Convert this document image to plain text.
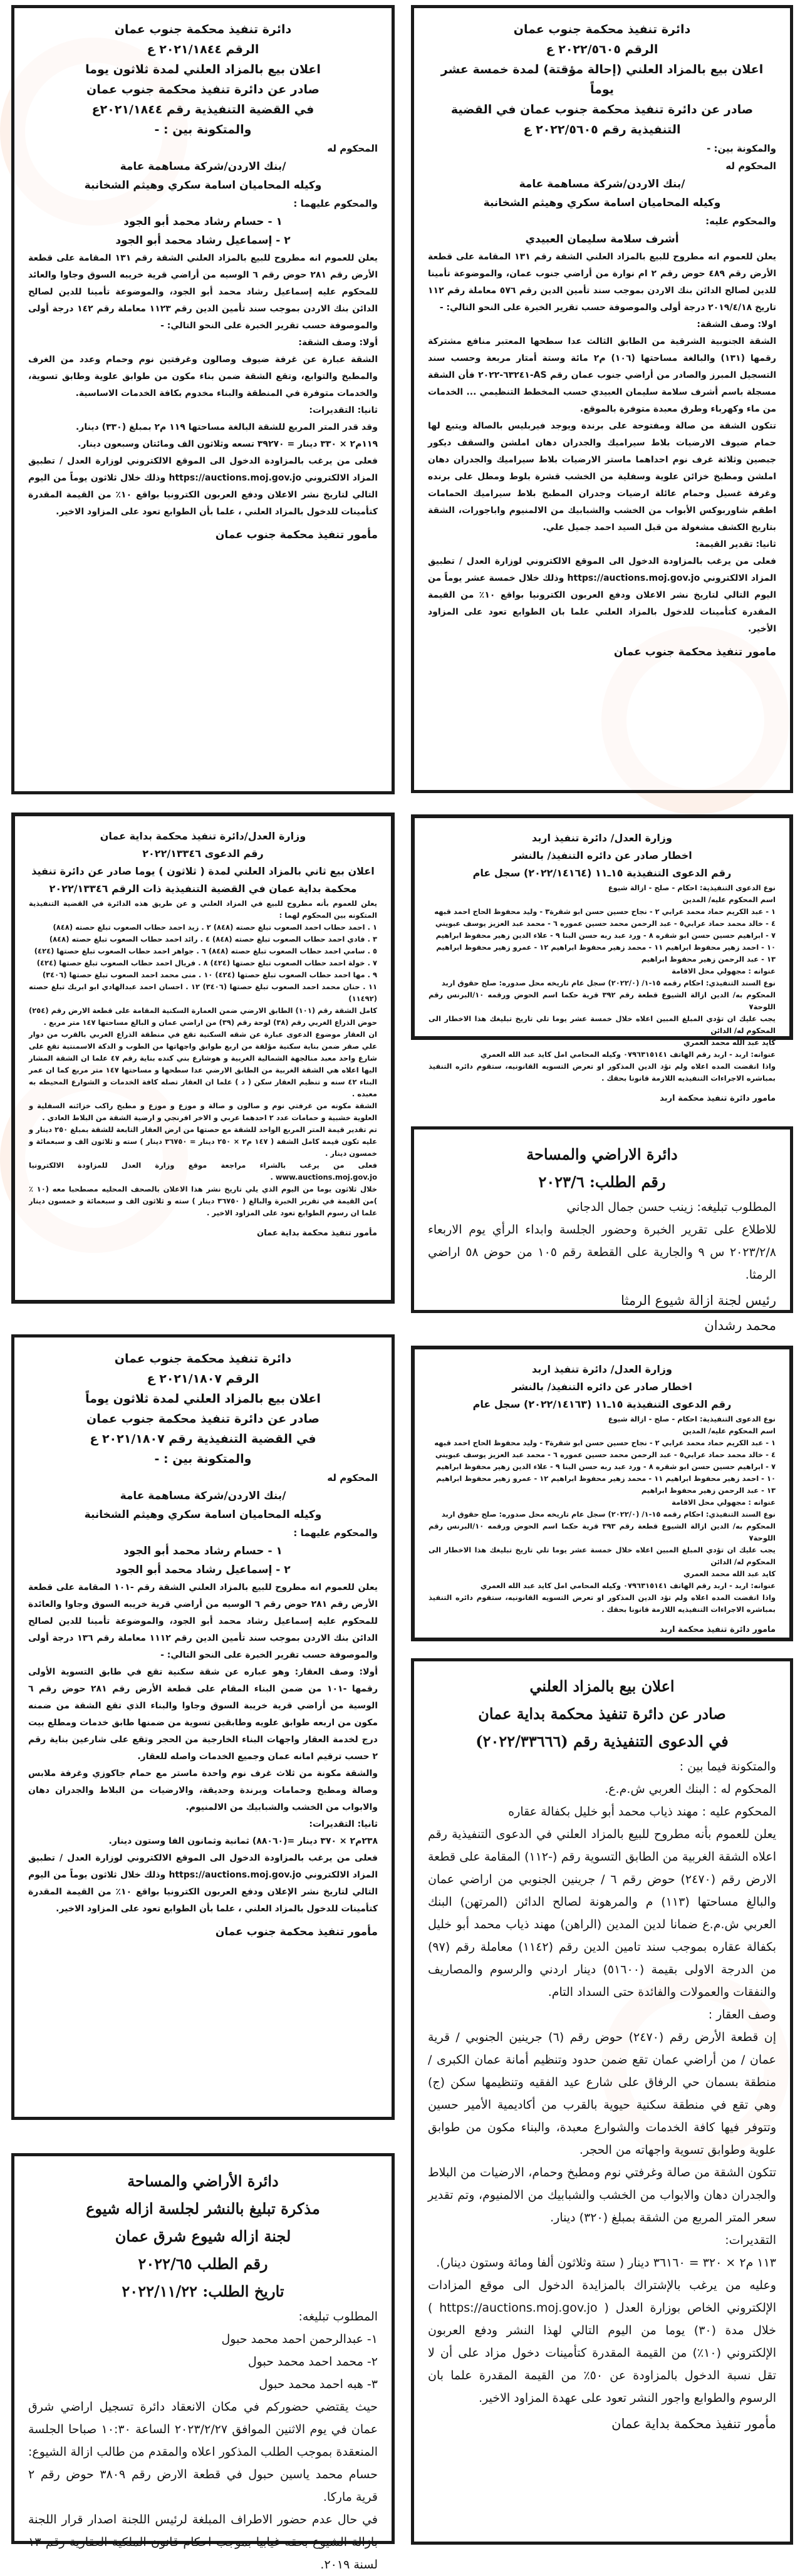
دائرة تنفيذ محكمة جنوب عمان
الرقم ٢٠٢٢/٥٦٠٥ ع
اعلان بيع بالمزاد العلني (إحالة مؤقتة) لمدة خمسة عشر يوماً
صادر عن دائرة تنفيذ محكمة جنوب عمان في القضية التنفيذية رقم ٢٠٢٢/٥٦٠٥ ع
والمكونة بين: -
المحكوم له
/بنك الاردن/شركة مساهمة عامة
وكيله المحاميان اسامة سكري وهيثم الشخانبة
والمحكوم عليه:
أشرف سلامة سليمان العبيدي
يعلن للعموم انه مطروح للبيع بالمزاد العلني الشقة رقم ١٣١ المقامة على قطعة الأرض رقم ٤٨٩ حوض رقم ٢ ام نوارة من أراضي جنوب عمان، والموضوعة تأمينا للدين لصالح الدائن بنك الاردن بموجب سند تأمين الدين رقم ٥٧٦ معاملة رقم ١١٢ تاريخ ٢٠١٩/٤/١٨ درجة أولى والموصوفة حسب تقرير الخبرة على النحو التالي: -
اولا: وصف الشقة:
الشقة الجنوبية الشرقية من الطابق الثالث عدا سطحها المعتبر منافع مشتركة رقمها (١٣١) والبالغة مساحتها (١٠٦) م٢ مائة وستة أمتار مربعة وحسب سند التسجيل المبرز والصادر من أراضي جنوب عمان رقم AS-٦٣٢٤١-٢٠٢٢ فأن الشقة مسجلة باسم أشرف سلامة سليمان العبيدي حسب المخطط التنظيمي ... الخدمات من ماء وكهرباء وطرق معبدة متوفرة بالموقع.
تتكون الشقة من صالة ومفتوحة على برندة ويوجد فيربليس بالصالة ويتبع لها حمام ضيوف الارضيات بلاط سيراميك والجدران دهان املشن والسقف ديكور جبصين وثلاثة غرف نوم احداهما ماستر الارضيات بلاط سيراميك والجدران دهان املشن ومطبخ خزائن علوية وسفلية من الخشب قشرة بلوط ومطل على برنده وغرفة غسيل وحمام عائلة ارضيات وجدران المطبخ بلاط سيراميك الحمامات اطقم شاوربوكس الأبواب من الخشب والشبابيك من الالمنيوم واباجورات، الشقة بتاريخ الكشف مشغولة من قبل السيد احمد جميل علي.
ثانيا: تقدير القيمة:
فعلى من يرغب بالمزاودة الدخول الى الموقع الالكتروني لوزارة العدل / تطبيق المزاد الالكتروني https://auctions.moj.gov.jo وذلك خلال خمسة عشر يوماً من اليوم التالي لتاريخ نشر الاعلان ودفع العربون الكترونيا بواقع ١٠٪ من القيمة المقدرة كتأمينات للدخول بالمزاد العلني علما بان الطوابع تعود على المزاود الأخير.
مامور تنفيذ محكمة جنوب عمان
دائرة تنفيذ محكمة جنوب عمان
الرقم ٢٠٢١/١٨٤٤ ع
اعلان بيع بالمزاد العلني لمدة ثلاثون يوما
صادر عن دائرة تنفيذ محكمة جنوب عمان
في القضية التنفيذية رقم ٢٠٢١/١٨٤٤ع
والمتكونة بين : -
المحكوم له
/بنك الاردن/شركة مساهمة عامة
وكيله المحاميان اسامة سكري وهيثم الشخانبة
والمحكوم عليهما :
١ - حسام رشاد محمد أبو الجود
٢ - إسماعيل رشاد محمد أبو الجود
يعلن للعموم انه مطروح للبيع بالمزاد العلني الشقة رقم ١٣١ المقامة على قطعة الأرض رقم ٢٨١ حوض رقم ٦ الوسيه من أراضي قرية خريبه السوق وجاوا والعائد للمحكوم عليه إسماعيل رشاد محمد أبو الجود، والموضوعة تأمينا للدين لصالح الدائن بنك الاردن بموجب سند تأمين الدين رقم ١١٢٣ معاملة رقم ١٤٢ درجة أولى والموصوفة حسب تقرير الخبرة على النحو التالي: -
أولا: وصف الشقة:
الشقة عبارة عن غرفة ضيوف وصالون وغرفتين نوم وحمام وعدد من الغرف والمطبخ والتوابع، وتقع الشقة ضمن بناء مكون من طوابق علوية وطابق تسوية، والخدمات متوفرة في المنطقة والبناء مخدوم بكافة الخدمات الاساسية.
ثانيا: التقديرات:
وقد قدر المتر المربع للشقة البالغة مساحتها ١١٩ م٢ بمبلغ (٣٣٠) دينار.
١١٩م٢ × ٣٣٠ دينار = ٣٩٢٧٠ تسعه وثلاثون الف ومائتان وسبعون دينار.
فعلى من يرغب بالمزاودة الدخول الى الموقع الالكتروني لوزارة العدل / تطبيق المزاد الالكتروني https://auctions.moj.gov.jo وذلك خلال ثلاثون يوماً من اليوم التالي لتاريخ نشر الاعلان ودفع العربون الكترونيا بواقع ١٠٪ من القيمة المقدرة كتأمينات للدخول بالمزاد العلني ، علما بأن الطوابع تعود على المزاود الاخير.
مأمور تنفيذ محكمة جنوب عمان
وزارة العدل/ دائرة تنفيذ اربد
اخطار صادر عن دائره التنفيذ/ بالنشر
رقم الدعوى التنفيذية ١٥ـ١١ (٢٠٢٢/١٤١٦٤) سجل عام
نوع الدعوى التنفيذية: احكام - صلح - ازالة شيوع
اسم المحكوم عليه/ المدين
١ - عبد الكريم حماد محمد عرابي ٢ - نجاح حسين حسن ابو شقرة٣ - وليد محفوظ الحاج احمد قبهه
٤ - خالد محمد حماد عرابي٥ - عبد الرحمن محمد حسين عموره ٦ - محمد عبد العزيز يوسف عبويني
٧ - ابراهيم حسين حسن ابو شقره ٨ - ورد عبد ربه حسن البنا ٩ - علاء الدين زهير محفوظ ابراهيم
١٠ - احمد زهير محفوظ ابراهيم ١١ - محمد زهير محفوظ ابراهيم ١٢ - عمرو زهير محفوظ ابراهيم
١٣ - عبد الرحمن زهير محفوظ ابراهيم
عنوانه : مجهولي محل الاقامة
نوع السند التنفيذي: احكام رقمه ١٥-١/ (٢٠٢٢/٠) سجل عام تاريخه محل صدوره: صلح حقوق اربد
المحكوم به/ الدين ازالة الشيوع قطعة رقم ٣٩٢ قرية حكما اسم الحوض ورقمه ١٠/البرنس رقم اللوحة٧
يجب عليك ان تؤدي المبلغ المبين اعلاه خلال خمسة عشر يوما تلي تاريخ تبليغك هذا الاخطار الى المحكوم له/ الدائن
كايد عبد الله محمد العمري
عنوانه: اربد - اربد رقم الهاتف ٠٧٩٦٣١٥١٤١ وكيله المحامي امل كايد عبد الله العمري
واذا انقضت المده اعلاه ولم تؤد الدين المذكور او تعرض التسويه القانونيه، ستقوم دائره التنفيذ بمباشره الاجراءات التنفيذيه اللازمة قانونا بحقك .
مامور دائرة تنفيذ محكمة اربد
دائرة الاراضي والمساحة
رقم الطلب: ٢٠٢٣/٦
المطلوب تبليغه: زينب حسن جمال الدجاني
للاطلاع على تقرير الخبرة وحضور الجلسة وابداء الرأي يوم الاربعاء ٢٠٢٣/٢/٨ س ٩ والجارية على القطعة رقم ١٠٥ من حوض ٥٨ اراضي الرمثا.
رئيس لجنة ازالة شيوع الرمثا
محمد رشدان
وزارة العدل/دائرة تنفيذ محكمة بداية عمان
رقم الدعوى ٢٠٢٢/١٣٣٤٦
اعلان بيع ثاني بالمزاد العلني لمدة ( ثلاثون ) يوما صادر عن دائرة تنفيذ
محكمة بداية عمان في القضية التنفيذية ذات الرقم ٢٠٢٢/١٣٣٤٦
يعلن للعموم بأنه مطروح للبيع في المزاد العلني و عن طريق هذه الدائرة في القضية التنفيذية المتكونه بين المحكوم لهما :
١ . احمد حطاب احمد الصعوب تبلغ حصته (٨٤٨) ٢ . زيد احمد حطاب الصعوب تبلغ حصته (٨٤٨)
٣ . فادي احمد حطاب الصعوب تبلغ حصته (٨٤٨) ٤ . رائد احمد حطاب الصعوب تبلغ حصته (٨٤٨)
٥ . سامي احمد حطاب الصعوب تبلغ حصته (٨٤٨) ٦ . جواهر احمد حطاب الصعوب تبلغ حصتها (٤٢٤)
٧ . خولة احمد حطاب الصعوب تبلغ حصتها (٤٢٤) ٨ . فريال احمد حطاب الصعوب تبلغ حصتها (٤٢٤)
٩ . مها احمد حطاب الصعوب تبلغ حصتها (٤٢٤) ١٠ . منى محمد احمد الصعوب تبلغ حصتها (٣٤٠٦)
١١ . حنان محمد احمد الصعوب تبلغ حصتها (٣٤٠٦) ١٢ . احسان احمد عبدالهادي ابو ابريك تبلغ حصته (١١٤٩٢)
كامل الشقة رقم (١٠١) الطابق الارضي ضمن العمارة السكنية المقامة على قطعة الارض رقم (٢٥٤) حوض الذراع الغربي رقم (٣٨) لوحة رقم (٣٩) من اراضي عمان و البالغ مساحتها ١٤٧ متر مربع .
ان العقار موضوع الدعوى عبارة عن شقه السكنية تقع في منطقة الذراع الغربي بالقرب من دوار علي صقر ضمن بناية سكنية مؤلفة من اربع طوابق واجهاتها من الطوب و الدكة الاسمنتية تقع على شارع واحد معبد منالجهة الشمالية الغربية و هوشارع بني كنده بناية رقم ٤٧ علما ان الشقة المشار اليها اعلاه هي الشقة الغربية من الطابق الارضي عدا سطحها و مساحتها ١٤٧ متر مربع كما ان عمر البناء ٤٢ سنه و تنظيم العقار سكن ( د ) علما ان العقار تصله كافة الخدمات و الشوارع المحيطه به معبده .
الشقة مكونه من غرفتي نوم و صالون و صالة و موزع و موزع و مطبخ راكب خزائنه السفلية و العلوية خشبية و حمامات عدد ٢ احدهما عربي و الاخر افرنجي و ارضية الشقة من البلاط العادي .
تم تقدير قيمة المتر المربع الواحد للشقة مع حصتها من ارض العقار التابعة للشقة بمبلغ ٢٥٠ دينار و عليه تكون قيمة كامل الشقة ( ١٤٧ م٢ × ٢٥٠ دينار = ٣٦٧٥٠ دينار ) سته و ثلاثون الف و سبعمائة و خمسون دينار .
فعلى من يرغب بالشراء مراجعة موقع وزارة العدل للمزاودة الالكترونيا www.auctions.moj.gov.jo .
خلال ثلاثون يوما من اليوم الذي يلي تاريخ نشر هذا الاعلان بالصحف المحليه مصطحبا معه (١٠ ٪ )من القيمة في تقرير الخبرة والبالغ ( ٣٦٧٥٠ دينار ) سته و ثلاثون الف و سبعمائة و خمسون دينار علما ان رسوم الطوابع تعود على المزاود الاخير .
مأمور تنفيذ محكمة بداية عمان
وزارة العدل/ دائرة تنفيذ اربد
اخطار صادر عن دائره التنفيذ/ بالنشر
رقم الدعوى التنفيذية ١٥ـ١١ (٢٠٢٢/١٤١٦٣) سجل عام
نوع الدعوى التنفيذية: احكام - صلح - ازالة شيوع
اسم المحكوم عليه/ المدين
١ - عبد الكريم حماد محمد عرابي ٢ - نجاح حسين حسن ابو شقرة٣ - وليد محفوظ الحاج احمد قبهه
٤ - خالد محمد حماد عرابي٥ - عبد الرحمن محمد حسين عموره ٦ - محمد عبد العزيز يوسف عبويني
٧ - ابراهيم حسين حسن ابو شقره ٨ - ورد عبد ربه حسن البنا ٩ - علاء الدين زهير محفوظ ابراهيم
١٠ - احمد زهير محفوظ ابراهيم ١١ - محمد زهير محفوظ ابراهيم ١٢ - عمرو زهير محفوظ ابراهيم
١٣ - عبد الرحمن زهير محفوظ ابراهيم
عنوانه : مجهولي محل الاقامة
نوع السند التنفيذي: احكام رقمه ١٥-١/ (٢٠٢٢/٠) سجل عام تاريخه محل صدوره: صلح حقوق اربد
المحكوم به/ الدين ازالة الشيوع قطعة رقم ٣٩٣ قرية حكما اسم الحوض ورقمه ١٠/البرنس رقم اللوحة٧
يجب عليك ان تؤدي المبلغ المبين اعلاه خلال خمسة عشر يوما تلي تاريخ تبليغك هذا الاخطار الى المحكوم له/ الدائن
كايد عبد الله محمد العمري
عنوانه: اربد - اربد رقم الهاتف ٠٧٩٦٣١٥١٤١ وكيله المحامي امل كايد عبد الله العمري
واذا انقضت المده اعلاه ولم تؤد الدين المذكور او تعرض التسويه القانونيه، ستقوم دائره التنفيذ بمباشره الاجراءات التنفيذيه اللازمة قانونا بحقك .
مامور دائرة تنفيذ محكمة اربد
دائرة تنفيذ محكمة جنوب عمان
الرقم ٢٠٢١/١٨٠٧ ع
اعلان بيع بالمزاد العلني لمدة ثلاثون يوماً
صادر عن دائرة تنفيذ محكمة جنوب عمان
في القضية التنفيذية رقم ٢٠٢١/١٨٠٧ ع
والمتكونة بين : -
المحكوم له
/بنك الاردن/شركة مساهمة عامة
وكيله المحاميان اسامة سكري وهيثم الشخانبة
والمحكوم عليهما :
١ - حسام رشاد محمد أبو الجود
٢ - إسماعيل رشاد محمد أبو الجود
يعلن للعموم انه مطروح للبيع بالمزاد العلني الشقة رقم -١٠١ المقامة على قطعة الأرض رقم ٢٨١ حوض رقم ٦ الوسيه من أراضي قرية خريبه السوق وجاوا والعائدة للمحكوم عليه إسماعيل رشاد محمد أبو الجود، والموضوعة تأمينا للدين لصالح الدائن بنك الاردن بموجب سند تأمين الدين رقم ١١١٢ معاملة رقم ١٣٦ درجة أولى والموصوفة حسب تقرير الخبرة على النحو التالي: -
أولا: وصف العقار: وهو عباره عن شقة سكنية تقع في طابق التسوية الأولى رقمها -١٠١ من ضمن البناء المقام على قطعة الأرض رقم ٢٨١ حوض رقم ٦ الوسية من أراضي قرية خريبة السوق وجاوا والبناء الذي تقع الشقة من ضمنه مكون من اربعه طوابق علويه وطابقين تسوية من ضمنها طابق خدمات ومطلع بيت درج لخدمة العقار واجهات البناء الخارجية من الحجر وتقع على شارعين بناية رقم ٢ حسب ترقيم امانه عمان وجميع الخدمات واصله للعقار.
والشقة مكونة من ثلاث غرف نوم واحدة ماستر مع حمام جاكوزي وغرفة ملابس وصالة ومطبخ وحمامات وبرندة وحديقة، والارضيات من البلاط والجدران دهان والابواب من الخشب والشبابيك من الالمنيوم.
ثانيا: التقديرات:
٢٣٨م٢ × ٣٧٠ دينار =(٨٨٠٦٠) ثمانية وثمانون الفا وستون دينار.
فعلى من يرغب بالمزاودة الدخول الى الموقع الالكتروني لوزارة العدل / تطبيق المزاد الالكتروني https://auctions.moj.gov.jo وذلك خلال ثلاثون يوماً من اليوم التالي لتاريخ نشر الإعلان ودفع العربون الكترونيا بواقع ١٠٪ من القيمة المقدرة كتأمينات للدخول بالمزاد العلني ، علما بأن الطوابع تعود على المزاود الاخير.
مأمور تنفيذ محكمة جنوب عمان
اعلان بيع بالمزاد العلني
صادر عن دائرة تنفيذ محكمة بداية عمان
في الدعوى التنفيذية رقم (٢٠٢٢/٣٣٦٦٦)
والمتكونة فيما بين :
المحكوم له : البنك العربي ش.م.ع.
المحكوم عليه : مهند ذياب محمد أبو خليل بكفالة عقاره
يعلن للعموم بأنه مطروح للبيع بالمزاد العلني في الدعوى التنفيذية رقم اعلاه الشقة الغربية من الطابق التسوية رقم (-١١٢) المقامة على قطعة الارض رقم (٢٤٧٠) حوض رقم ٦ / جرينين الجنوبي من اراضي عمان والبالغ مساحتها (١١٣) م والمرهونة لصالح الدائن (المرتهن) البنك العربي ش.م.ع ضمانا لدين المدين (الراهن) مهند ذياب محمد أبو خليل بكفالة عقاره بموجب سند تامين الدين رقم (١١٤٢) معاملة رقم (٩٧) من الدرجة الاولى بقيمة (٥١٦٠٠) دينار اردني والرسوم والمصاريف والنفقات والعمولات والفائدة حتى السداد التام.
وصف العقار :
إن قطعة الأرض رقم (٢٤٧٠) حوض رقم (٦) جرينين الجنوبي / قرية عمان / من أراضي عمان تقع ضمن حدود وتنظيم أمانة عمان الكبرى / منطقة بسمان حي الرفاق على شارع عيد الفقيه وتنظيمها سكن (ج) وهي تقع في منطقة سكنية حيوية بالقرب من أكاديمية الأمير حسين وتتوفر فيها كافة الخدمات والشوارع معبدة، والبناء مكون من طوابق علوية وطوابق تسوية واجهاته من الحجر.
تتكون الشقة من صالة وغرفتي نوم ومطبخ وحمام، الارضيات من البلاط والجدران دهان والابواب من الخشب والشبابيك من الالمنيوم، وتم تقدير سعر المتر المربع من الشقة بمبلغ (٣٢٠) دينار.
التقديرات:
١١٣ م٢ × ٣٢٠ = ٣٦١٦٠ دينار ( ستة وثلاثون ألفا ومائة وستون دينار).
وعليه من يرغب بالإشتراك بالمزايدة الدخول الى موقع المزادات الإلكتروني الخاص بوزارة العدل ( https://auctions.moj.gov.jo ) خلال مدة (٣٠) يوما من اليوم التالي لهذا النشر ودفع العربون الإلكتروني (١٠٪) من القيمة المقدرة كتأمينات دخول مزاد على أن لا تقل نسبة الدخول بالمزاودة عن ٥٠٪ من القيمة المقدرة علما بان الرسوم والطوابع واجور النشر تعود على عهدة المزاود الاخير.
مأمور تنفيذ محكمة بداية عمان
دائرة الأراضي والمساحة
مذكرة تبليغ بالنشر لجلسة ازاله شيوع
لجنة ازاله شيوع شرق عمان
رقم الطلب ٢٠٢٢/٦٥
تاريخ الطلب: ٢٠٢٢/١١/٢٢
المطلوب تبليغه:
١- عبدالرحمن احمد محمد حبول
٢- محمد احمد محمد حبول
٣- هبه احمد محمد حبول
حيث يقتضي حضوركم في مكان الانعقاد دائرة تسجيل اراضي شرق عمان في يوم الاثنين الموافق ٢٠٢٣/٢/٢٧ الساعة ١٠:٣٠ صباحا الجلسة المنعقدة بموجب الطلب المذكور اعلاه والمقدم من طالب ازالة الشيوع: حسام محمد ياسين حبول في قطعة الارض رقم ٣٨٠٩ حوض رقم ٢ قرية ماركا.
في حال عدم حضور الاطراف المبلغة لرئيس اللجنة اصدار قرار اللجنة بازالة الشيوع بحقه غيابيا بموجب احكام قانون الملكية العقارية رقم ١٣ لسنة ٢٠١٩.
